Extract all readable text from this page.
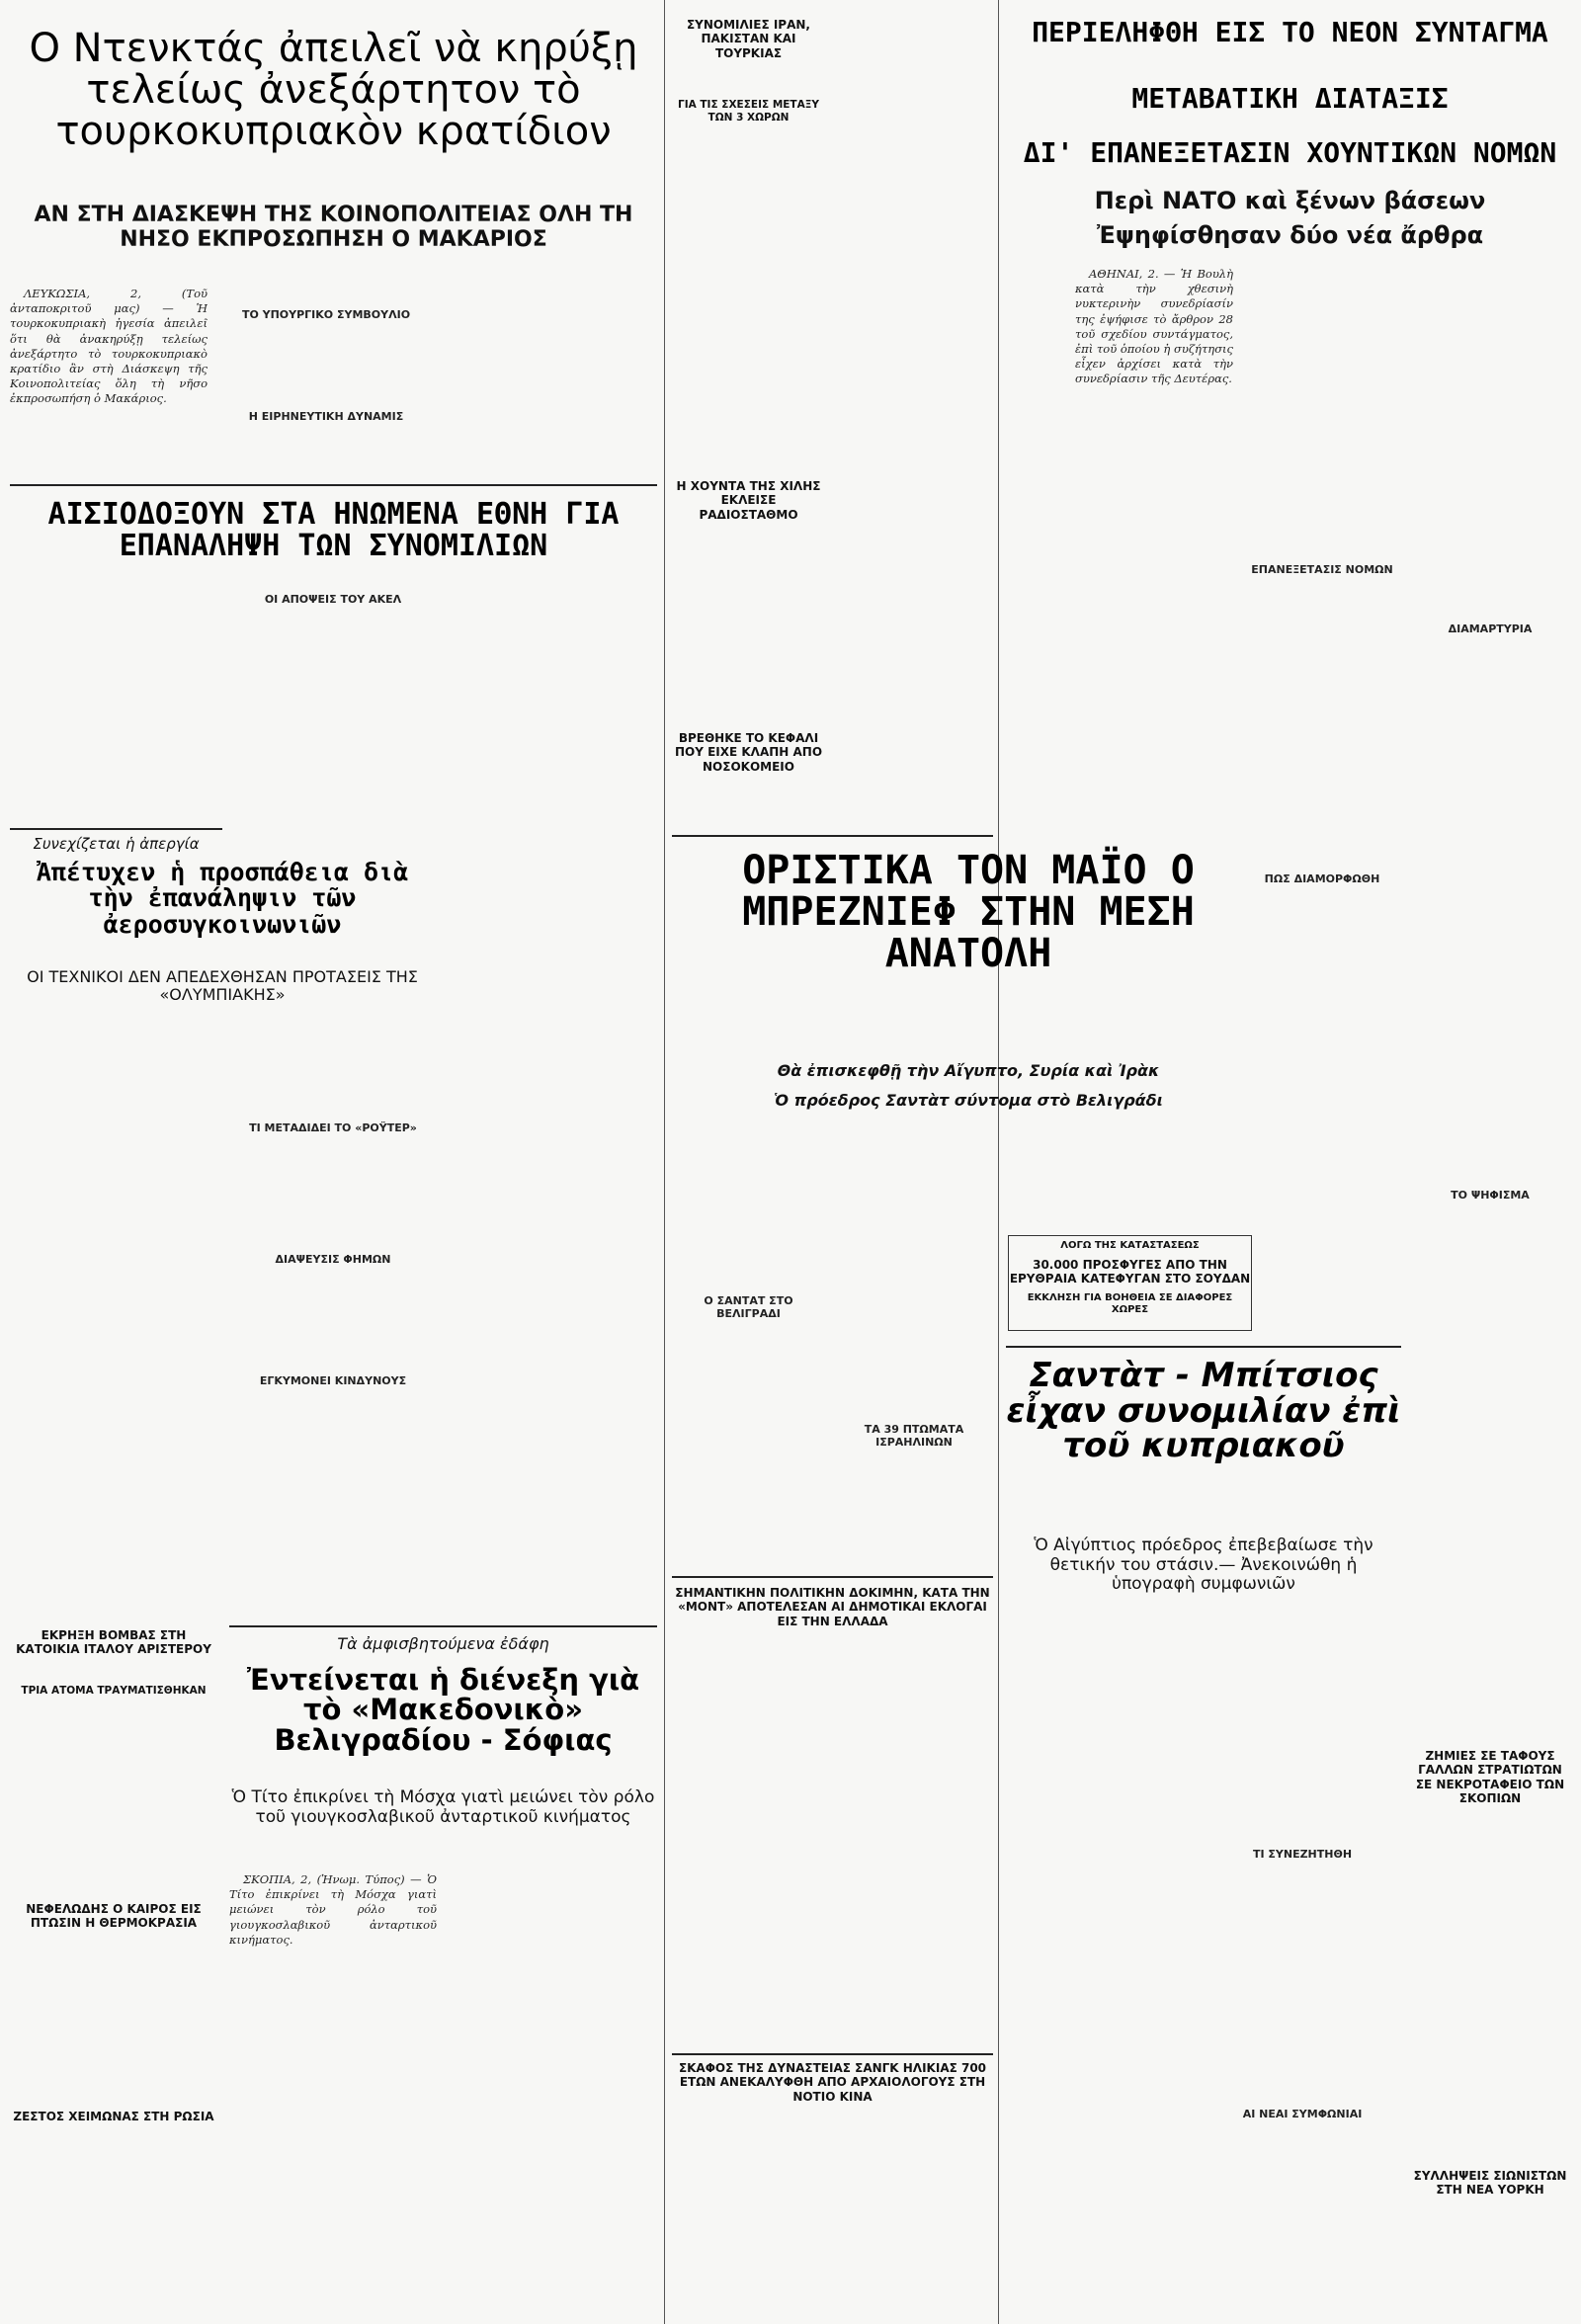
Ο Ντενκτάς ἀπειλεῖ νὰ κηρύξῃ τελείως ἀνεξάρτητον τὸ τουρκοκυπριακὸν κρατίδιον
ΑΝ ΣΤΗ ΔΙΑΣΚΕΨΗ ΤΗΣ ΚΟΙΝΟΠΟΛΙΤΕΙΑΣ ΟΛΗ ΤΗ ΝΗΣΟ ΕΚΠΡΟΣΩΠΗΣΗ Ο ΜΑΚΑΡΙΟΣ

ΛΕΥΚΩΣΙΑ, 2, (Τοῦ ἀνταποκριτοῦ μας) — Ἡ τουρκοκυπριακὴ ἡγεσία ἀπειλεῖ ὅτι θὰ ἀνακηρύξῃ τελείως ἀνεξάρτητο τὸ τουρκοκυπριακὸ κρατίδιο ἂν στὴ Διάσκεψη τῆς Κοινοπολιτείας ὅλη τὴ νῆσο ἐκπροσωπήση ὁ Μακάριος.

ΤΟ ΥΠΟΥΡΓΙΚΟ ΣΥΜΒΟΥΛΙΟ
Η ΕΙΡΗΝΕΥΤΙΚΗ ΔΥΝΑΜΙΣ
ΑΙΣΙΟΔΟΞΟΥΝ ΣΤΑ ΗΝΩΜΕΝΑ ΕΘΝΗ ΓΙΑ ΕΠΑΝΑΛΗΨΗ ΤΩΝ ΣΥΝΟΜΙΛΙΩΝ
ΟΙ ΑΠΟΨΕΙΣ ΤΟΥ ΑΚΕΛ
Συνεχίζεται ἡ ἀπεργία
Ἀπέτυχεν ἡ προσπάθεια διὰ τὴν ἐπανάληψιν τῶν ἀεροσυγκοινωνιῶν
ΟΙ ΤΕΧΝΙΚΟΙ ΔΕΝ ΑΠΕΔΕΧΘΗΣΑΝ ΠΡΟΤΑΣΕΙΣ ΤΗΣ «ΟΛΥΜΠΙΑΚΗΣ»
ΤΙ ΜΕΤΑΔΙΔΕΙ ΤΟ «ΡΟΫΤΕΡ»
ΔΙΑΨΕΥΣΙΣ ΦΗΜΩΝ
ΕΓΚΥΜΟΝΕΙ ΚΙΝΔΥΝΟΥΣ
ΕΚΡΗΞΗ ΒΟΜΒΑΣ ΣΤΗ ΚΑΤΟΙΚΙΑ ΙΤΑΛΟΥ ΑΡΙΣΤΕΡΟΥ
ΤΡΙΑ ΑΤΟΜΑ ΤΡΑΥΜΑΤΙΣΘΗΚΑΝ
ΝΕΦΕΛΩΔΗΣ Ο ΚΑΙΡΟΣ ΕΙΣ ΠΤΩΣΙΝ Η ΘΕΡΜΟΚΡΑΣΙΑ
ΖΕΣΤΟΣ ΧΕΙΜΩΝΑΣ ΣΤΗ ΡΩΣΙΑ
Τὰ ἀμφισβητούμενα ἐδάφη
Ἐντείνεται ἡ διένεξη γιὰ τὸ «Μακεδονικὸ» Βελιγραδίου - Σόφιας
Ὁ Τίτο ἐπικρίνει τὴ Μόσχα γιατὶ μειώνει τὸν ρόλο τοῦ γιουγκοσλαβικοῦ ἀνταρτικοῦ κινήματος

ΣΚΟΠΙΑ, 2, (Ἡνωμ. Τύπος) — Ὁ Τίτο ἐπικρίνει τὴ Μόσχα γιατὶ μειώνει τὸν ρόλο τοῦ γιουγκοσλαβικοῦ ἀνταρτικοῦ κινήματος.

ΣΥΝΟΜΙΛΙΕΣ ΙΡΑΝ, ΠΑΚΙΣΤΑΝ ΚΑΙ ΤΟΥΡΚΙΑΣ
ΓΙΑ ΤΙΣ ΣΧΕΣΕΙΣ ΜΕΤΑΞΥ ΤΩΝ 3 ΧΩΡΩΝ
Η ΧΟΥΝΤΑ ΤΗΣ ΧΙΛΗΣ ΕΚΛΕΙΣΕ ΡΑΔΙΟΣΤΑΘΜΟ
ΒΡΕΘΗΚΕ ΤΟ ΚΕΦΑΛΙ ΠΟΥ ΕΙΧΕ ΚΛΑΠΗ ΑΠΟ ΝΟΣΟΚΟΜΕΙΟ
ΟΡΙΣΤΙΚΑ ΤΟΝ ΜΑΪΟ Ο ΜΠΡΕΖΝΙΕΦ ΣΤΗΝ ΜΕΣΗ ΑΝΑΤΟΛΗ
Θὰ ἐπισκεφθῇ τὴν Αἴγυπτο, Συρία καὶ Ἰρὰκ
Ὁ πρόεδρος Σαντὰτ σύντομα στὸ Βελιγράδι
Ο ΣΑΝΤΑΤ ΣΤΟ ΒΕΛΙΓΡΑΔΙ
ΤΑ 39 ΠΤΩΜΑΤΑ ΙΣΡΑΗΛΙΝΩΝ
ΣΗΜΑΝΤΙΚΗΝ ΠΟΛΙΤΙΚΗΝ ΔΟΚΙΜΗΝ, ΚΑΤΑ ΤΗΝ «ΜΟΝΤ» ΑΠΟΤΕΛΕΣΑΝ ΑΙ ΔΗΜΟΤΙΚΑΙ ΕΚΛΟΓΑΙ ΕΙΣ ΤΗΝ ΕΛΛΑΔΑ
ΣΚΑΦΟΣ ΤΗΣ ΔΥΝΑΣΤΕΙΑΣ ΣΑΝΓΚ ΗΛΙΚΙΑΣ 700 ΕΤΩΝ ΑΝΕΚΑΛΥΦΘΗ ΑΠΟ ΑΡΧΑΙΟΛΟΓΟΥΣ ΣΤΗ ΝΟΤΙΟ ΚΙΝΑ
ΛΟΓΩ ΤΗΣ ΚΑΤΑΣΤΑΣΕΩΣ
30.000 ΠΡΟΣΦΥΓΕΣ ΑΠΟ ΤΗΝ ΕΡΥΘΡΑΙΑ ΚΑΤΕΦΥΓΑΝ ΣΤΟ ΣΟΥΔΑΝ
ΕΚΚΛΗΣΗ ΓΙΑ ΒΟΗΘΕΙΑ ΣΕ ΔΙΑΦΟΡΕΣ ΧΩΡΕΣ
ΠΕΡΙΕΛΗΦΘΗ ΕΙΣ ΤΟ ΝΕΟΝ ΣΥΝΤΑΓΜΑ
ΜΕΤΑΒΑΤΙΚΗ ΔΙΑΤΑΞΙΣ
ΔΙ' ΕΠΑΝΕΞΕΤΑΣΙΝ ΧΟΥΝΤΙΚΩΝ ΝΟΜΩΝ
Περὶ ΝΑΤΟ καὶ ξένων βάσεων
Ἐψηφίσθησαν δύο νέα ἄρθρα

ΑΘΗΝΑΙ, 2. — Ἡ Βουλὴ κατὰ τὴν χθεσινὴ νυκτερινὴν συνεδρίασίν της ἐψήφισε τὸ ἄρθρον 28 τοῦ σχεδίου συντάγματος, ἐπὶ τοῦ ὁποίου ἡ συζήτησις εἶχεν ἀρχίσει κατὰ τὴν συνεδρίασιν τῆς Δευτέρας.

ΕΠΑΝΕΞΕΤΑΣΙΣ ΝΟΜΩΝ
ΠΩΣ ΔΙΑΜΟΡΦΩΘΗ
ΔΙΑΜΑΡΤΥΡΙΑ
ΤΟ ΨΗΦΙΣΜΑ
Σαντὰτ - Μπίτσιος εἶχαν συνομιλίαν ἐπὶ τοῦ κυπριακοῦ
Ὁ Αἰγύπτιος πρόεδρος ἐπεβεβαίωσε τὴν θετικήν του στάσιν.— Ἀνεκοινώθη ἡ ὑπογραφὴ συμφωνιῶν
ΤΙ ΣΥΝΕΖΗΤΗΘΗ
ΑΙ ΝΕΑΙ ΣΥΜΦΩΝΙΑΙ
ΖΗΜΙΕΣ ΣΕ ΤΑΦΟΥΣ ΓΑΛΛΩΝ ΣΤΡΑΤΙΩΤΩΝ ΣΕ ΝΕΚΡΟΤΑΦΕΙΟ ΤΩΝ ΣΚΟΠΙΩΝ
ΣΥΛΛΗΨΕΙΣ ΣΙΩΝΙΣΤΩΝ ΣΤΗ ΝΕΑ ΥΟΡΚΗ
